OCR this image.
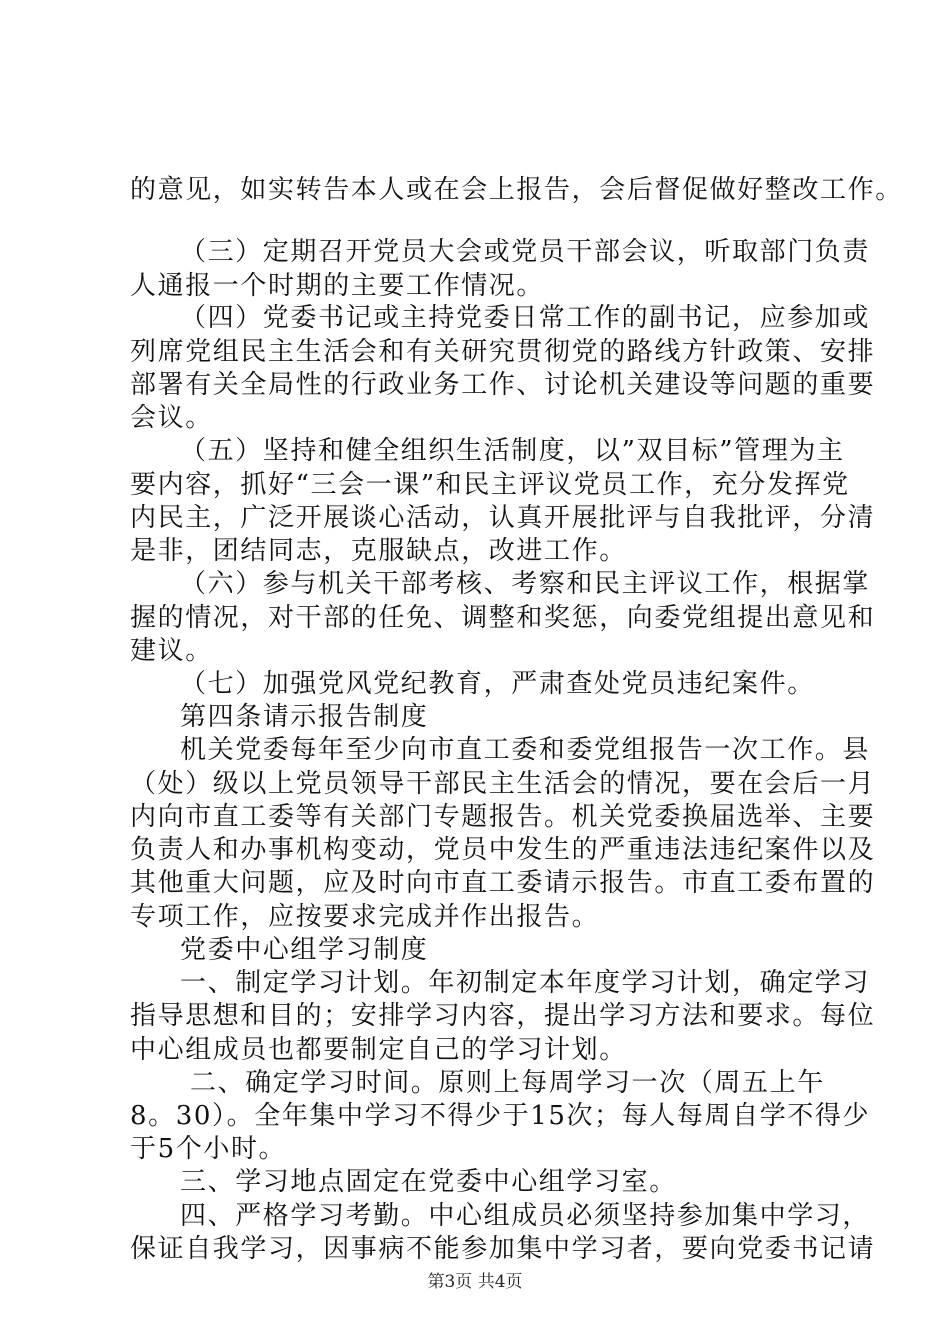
的意见，如实转告本人或在会上报告，会后督促做好整改工作。
（三）定期召开党员大会或党员干部会议，听取部门负责
人通报一个时期的主要工作情况。
（四）党委书记或主持党委日常工作的副书记，应参加或
列席党组民主生活会和有关研究贯彻党的路线方针政策、安排
部署有关全局性的行政业务工作、讨论机关建设等问题的重要
会议。
（五）坚持和健全组织生活制度，以”双目标”管理为主
要内容，抓好“三会一课”和民主评议党员工作，充分发挥党
内民主，广泛开展谈心活动，认真开展批评与自我批评，分清
是非，团结同志，克服缺点，改进工作。
（六）参与机关干部考核、考察和民主评议工作，根据掌
握的情况，对干部的任免、调整和奖惩，向委党组提出意见和
建议。
（七）加强党风党纪教育，严肃查处党员违纪案件。
第四条请示报告制度
机关党委每年至少向市直工委和委党组报告一次工作。县
（处）级以上党员领导干部民主生活会的情况，要在会后一月
内向市直工委等有关部门专题报告。机关党委换届选举、主要
负责人和办事机构变动，党员中发生的严重违法违纪案件以及
其他重大问题，应及时向市直工委请示报告。市直工委布置的
专项工作，应按要求完成并作出报告。
党委中心组学习制度
一、制定学习计划。年初制定本年度学习计划，确定学习
指导思想和目的；安排学习内容，提出学习方法和要求。每位
中心组成员也都要制定自己的学习计划。
二、确定学习时间。原则上每周学习一次（周五上午
8。30）。全年集中学习不得少于15次；每人每周自学不得少
于5个小时。
三、学习地点固定在党委中心组学习室。
四、严格学习考勤。中心组成员必须坚持参加集中学习，
保证自我学习，因事病不能参加集中学习者，要向党委书记请
第3页 共4页
